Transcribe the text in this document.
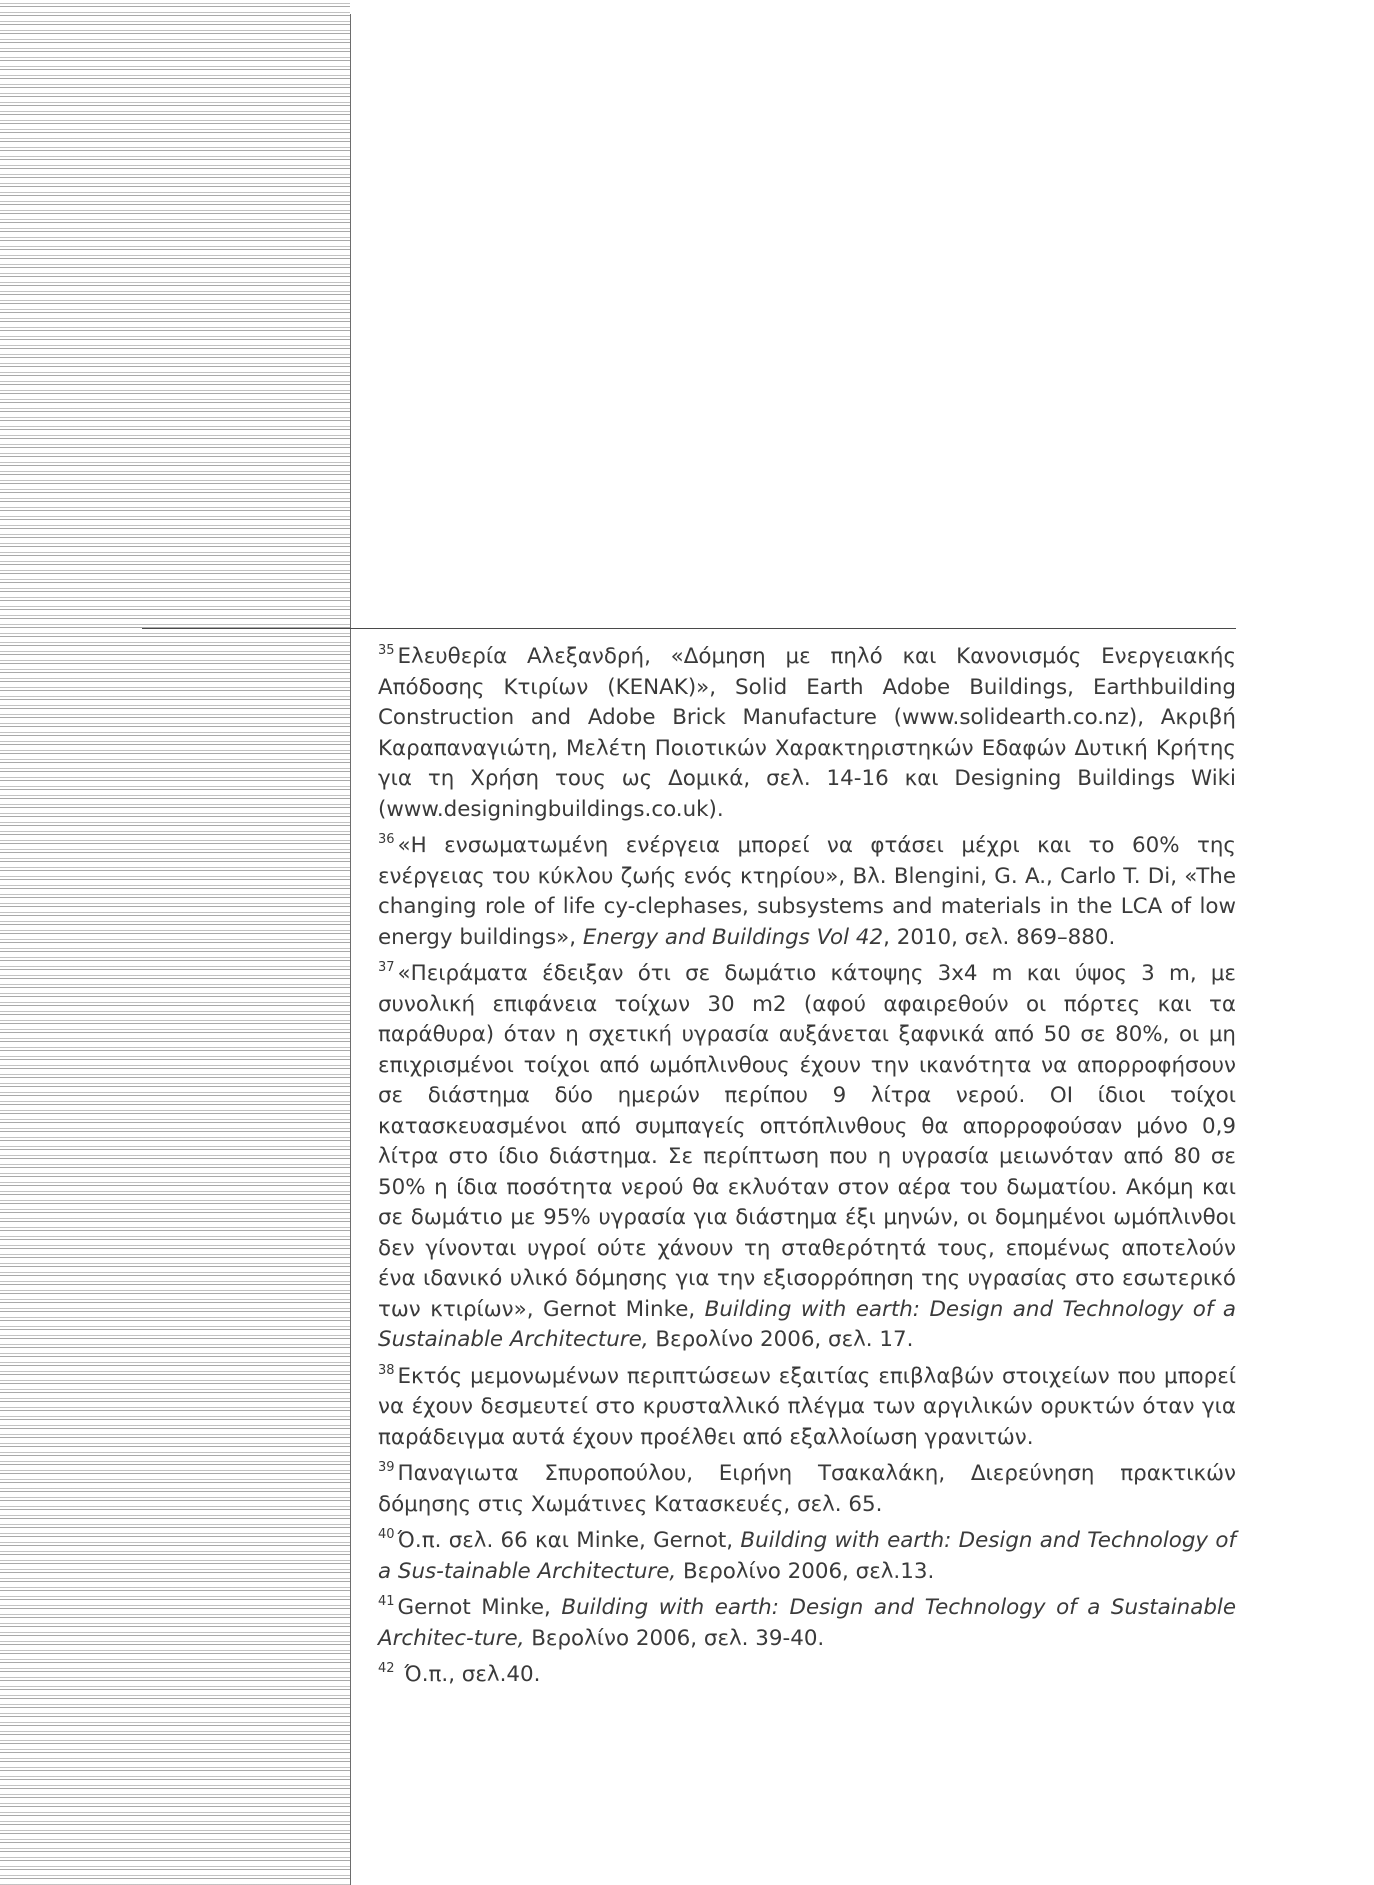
$^{35}$ Ελευθερία Αλεξανδρή, «Δόμηση με πηλό και Κανονισμός Ενεργειακής Απόδοσης Κτιρίων (KENAK)», Solid Earth Adobe Buildings, Earthbuilding Construction and Adobe Brick Manufacture (www.solidearth.co.nz), Ακριβή Καραπαναγιώτη, Μελέτη Ποιοτικών Χαρακτηριστηκών Εδαφών Δυτική Κρήτης για τη Χρήση τους ως Δομικά, σελ. 14-16 και Designing Buildings Wiki (www.designingbuildings.co.uk).

$^{36}$ «Η ενσωματωμένη ενέργεια μπορεί να φτάσει μέχρι και το 60% της ενέργειας του κύκλου ζωής ενός κτηρίου», Βλ. Blengini, G. A., Carlo T. Di, «The changing role of life cy-clephases, subsystems and materials in the LCA of low energy buildings», Energy and Buildings Vol 42, 2010, σελ. 869–880.

$^{37}$ «Πειράματα έδειξαν ότι σε δωμάτιο κάτοψης 3x4 m και ύψος 3 m, με συνολική επιφάνεια τοίχων 30 m2 (αφού αφαιρεθούν οι πόρτες και τα παράθυρα) όταν η σχετική υγρασία αυξάνεται ξαφνικά από 50 σε 80%, οι μη επιχρισμένοι τοίχοι από ωμόπλινθους έχουν την ικανότητα να απορροφήσουν σε διάστημα δύο ημερών περίπου 9 λίτρα νερού. ΟΙ ίδιοι τοίχοι κατασκευασμένοι από συμπαγείς οπτόπλινθους θα απορροφούσαν μόνο 0,9 λίτρα στο ίδιο διάστημα. Σε περίπτωση που η υγρασία μειωνόταν από 80 σε 50% η ίδια ποσότητα νερού θα εκλυόταν στον αέρα του δωματίου. Ακόμη και σε δωμάτιο με 95% υγρασία για διάστημα έξι μηνών, οι δομημένοι ωμόπλινθοι δεν γίνονται υγροί ούτε χάνουν τη σταθερότητά τους, επομένως αποτελούν ένα ιδανικό υλικό δόμησης για την εξισορρόπηση της υγρασίας στο εσωτερικό των κτιρίων», Gernot Minke, Building with earth: Design and Technology of a Sustainable Architecture, Βερολίνο 2006, σελ. 17.

$^{38}$ Εκτός μεμονωμένων περιπτώσεων εξαιτίας επιβλαβών στοιχείων που μπορεί να έχουν δεσμευτεί στο κρυσταλλικό πλέγμα των αργιλικών ορυκτών όταν για παράδειγμα αυτά έχουν προέλθει από εξαλλοίωση γρανιτών.

$^{39}$ Παναγιωτα Σπυροπούλου, Ειρήνη Τσακαλάκη, Διερεύνηση πρακτικών δόμησης στις Χωμάτινες Κατασκευές, σελ. 65.

$^{40}$ Ό.π. σελ. 66 και Minke, Gernot, Building with earth: Design and Technology of a Sus-tainable Architecture, Βερολίνο 2006, σελ.13.

$^{41}$ Gernot Minke, Building with earth: Design and Technology of a Sustainable Architec-ture, Βερολίνο 2006, σελ. 39-40.

$^{42}$ Ό.π., σελ.40.
